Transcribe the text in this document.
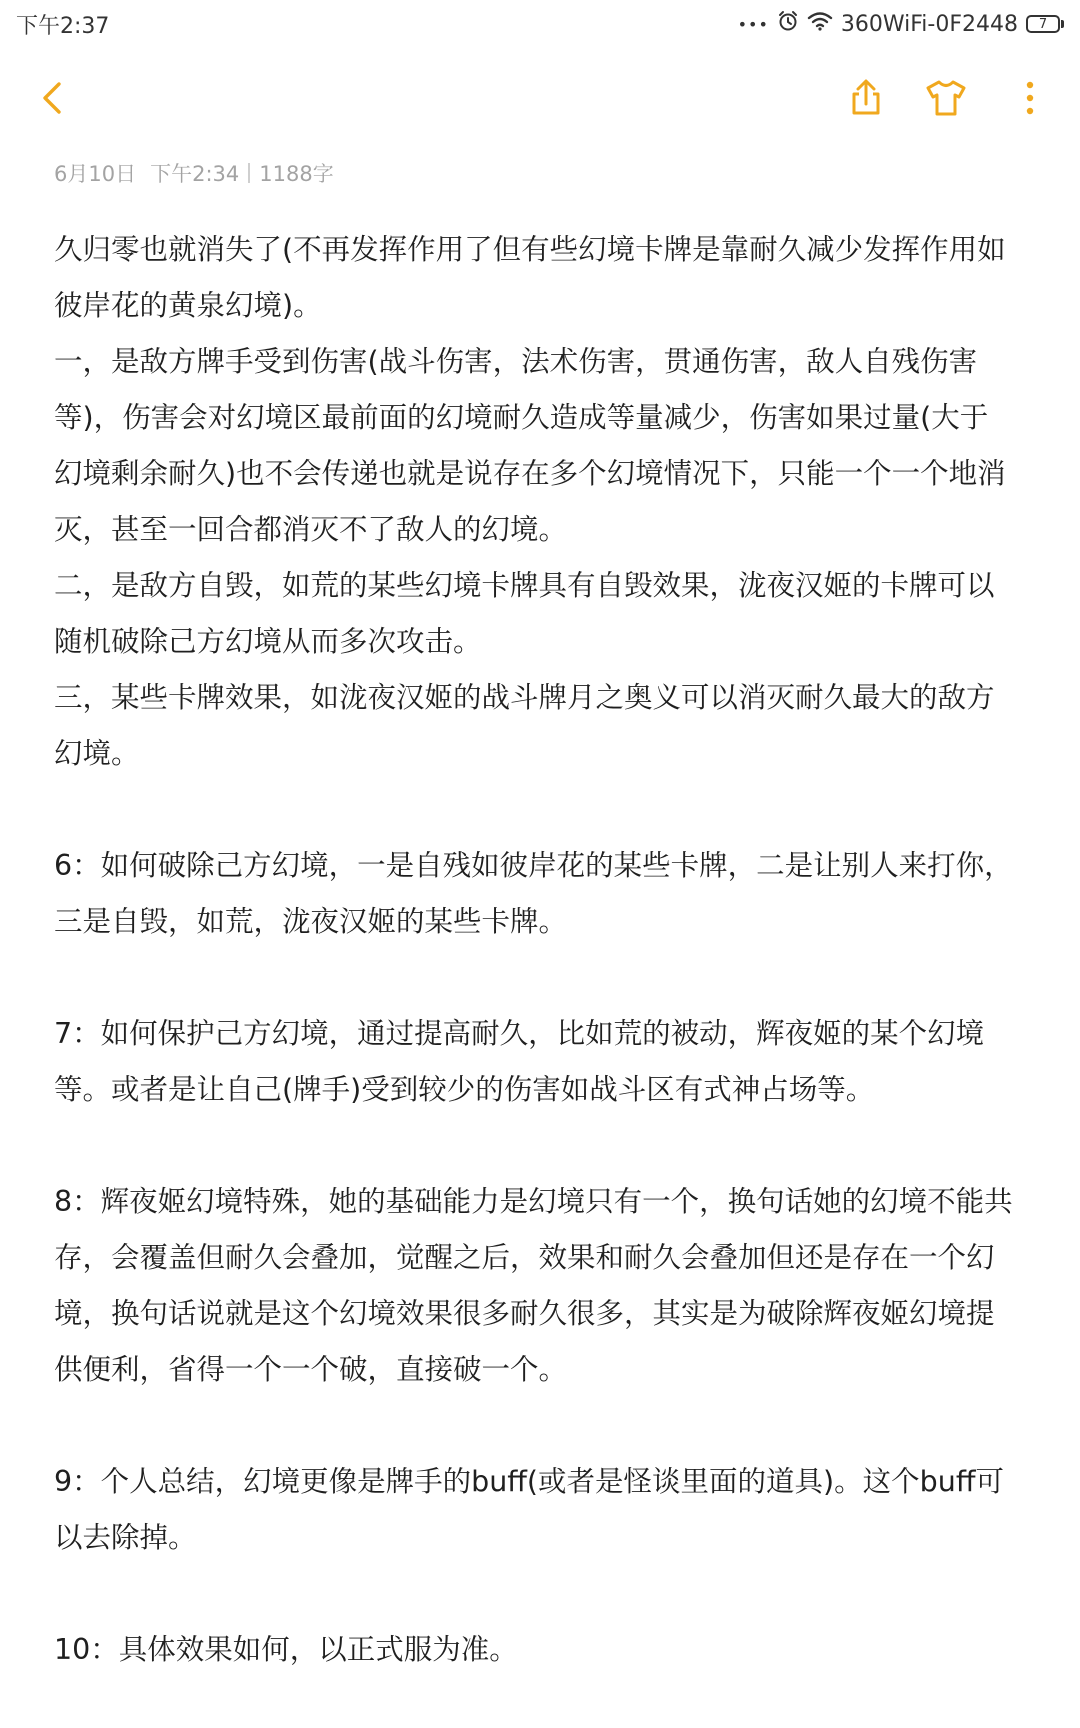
下午2:37	•••	360WiFi-0F2448 7
6月10日 下午2:34 1188字

久归零也就消失了(不再发挥作用了但有些幻境卡牌是靠耐久减少发挥作用如彼岸花的黄泉幻境)。

一，是敌方牌手受到伤害(战斗伤害，法术伤害，贯通伤害，敌人自残伤害等)，伤害会对幻境区最前面的幻境耐久造成等量减少，伤害如果过量(大于幻境剩余耐久)也不会传递也就是说存在多个幻境情况下，只能一个一个地消灭，甚至一回合都消灭不了敌人的幻境。

二，是敌方自毁，如荒的某些幻境卡牌具有自毁效果，泷夜汉姬的卡牌可以随机破除己方幻境从而多次攻击。

三，某些卡牌效果，如泷夜汉姬的战斗牌月之奥义可以消灭耐久最大的敌方幻境。

6：如何破除己方幻境，一是自残如彼岸花的某些卡牌，二是让别人来打你，三是自毁，如荒，泷夜汉姬的某些卡牌。

7：如何保护己方幻境，通过提高耐久，比如荒的被动，辉夜姬的某个幻境等。或者是让自己(牌手)受到较少的伤害如战斗区有式神占场等。

8：辉夜姬幻境特殊，她的基础能力是幻境只有一个，换句话她的幻境不能共存，会覆盖但耐久会叠加，觉醒之后，效果和耐久会叠加但还是存在一个幻境，换句话说就是这个幻境效果很多耐久很多，其实是为破除辉夜姬幻境提供便利，省得一个一个破，直接破一个。

9：个人总结，幻境更像是牌手的buff(或者是怪谈里面的道具)。这个buff可以去除掉。

10：具体效果如何，以正式服为准。
